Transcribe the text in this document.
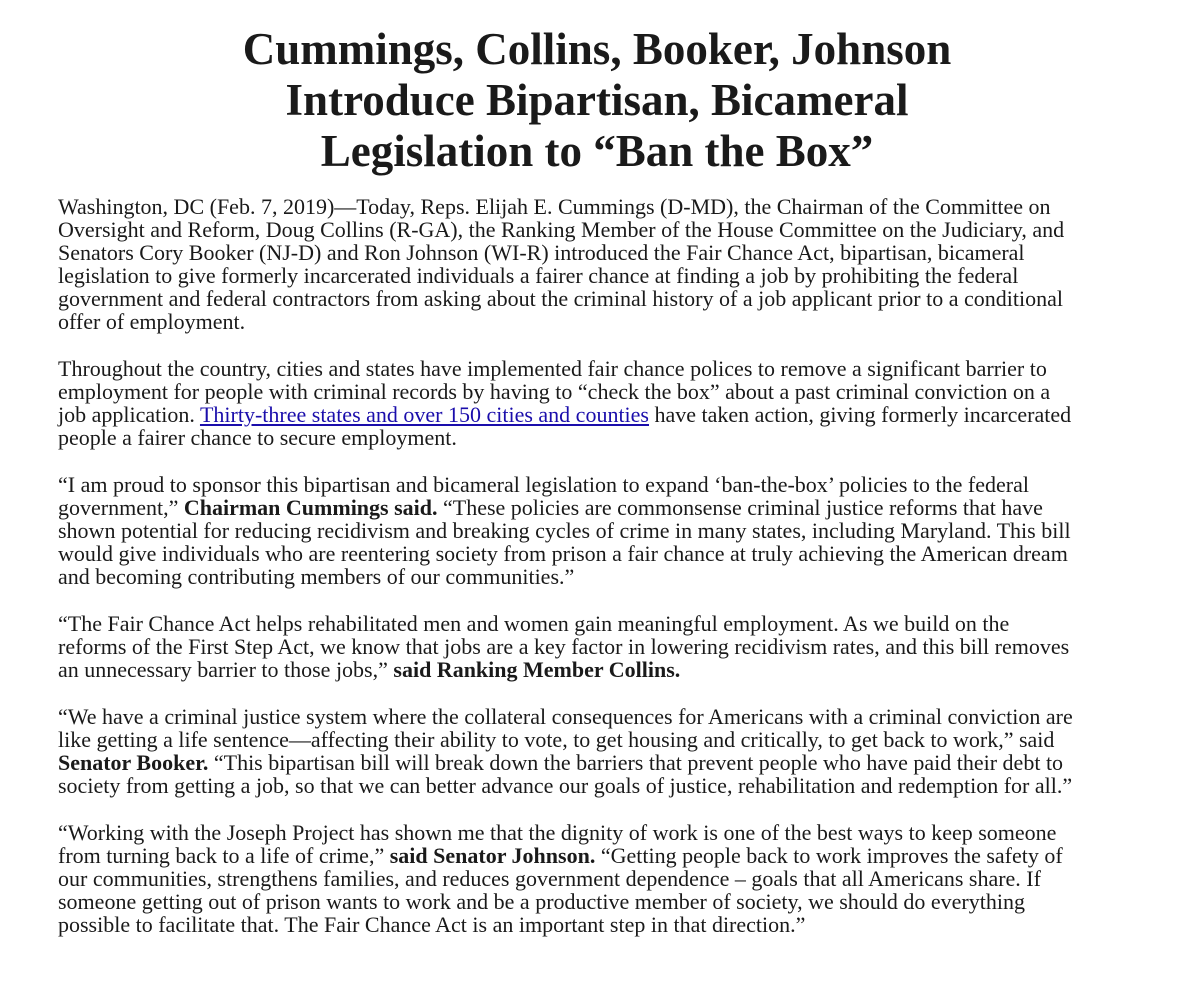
Cummings, Collins, Booker, Johnson
Introduce Bipartisan, Bicameral
Legislation to “Ban the Box”

Washington, DC (Feb. 7, 2019)—Today, Reps. Elijah E. Cummings (D-MD), the Chairman of the Committee on
Oversight and Reform, Doug Collins (R-GA), the Ranking Member of the House Committee on the Judiciary, and
Senators Cory Booker (NJ-D) and Ron Johnson (WI-R) introduced the Fair Chance Act, bipartisan, bicameral
legislation to give formerly incarcerated individuals a fairer chance at finding a job by prohibiting the federal
government and federal contractors from asking about the criminal history of a job applicant prior to a conditional
offer of employment.

Throughout the country, cities and states have implemented fair chance polices to remove a significant barrier to
employment for people with criminal records by having to “check the box” about a past criminal conviction on a
job application. Thirty-three states and over 150 cities and counties have taken action, giving formerly incarcerated
people a fairer chance to secure employment.

“I am proud to sponsor this bipartisan and bicameral legislation to expand ‘ban-the-box’ policies to the federal
government,” Chairman Cummings said. “These policies are commonsense criminal justice reforms that have
shown potential for reducing recidivism and breaking cycles of crime in many states, including Maryland. This bill
would give individuals who are reentering society from prison a fair chance at truly achieving the American dream
and becoming contributing members of our communities.”

“The Fair Chance Act helps rehabilitated men and women gain meaningful employment. As we build on the
reforms of the First Step Act, we know that jobs are a key factor in lowering recidivism rates, and this bill removes
an unnecessary barrier to those jobs,” said Ranking Member Collins.

“We have a criminal justice system where the collateral consequences for Americans with a criminal conviction are
like getting a life sentence—affecting their ability to vote, to get housing and critically, to get back to work,” said
Senator Booker. “This bipartisan bill will break down the barriers that prevent people who have paid their debt to
society from getting a job, so that we can better advance our goals of justice, rehabilitation and redemption for all.”

“Working with the Joseph Project has shown me that the dignity of work is one of the best ways to keep someone
from turning back to a life of crime,” said Senator Johnson. “Getting people back to work improves the safety of
our communities, strengthens families, and reduces government dependence – goals that all Americans share. If
someone getting out of prison wants to work and be a productive member of society, we should do everything
possible to facilitate that. The Fair Chance Act is an important step in that direction.”
